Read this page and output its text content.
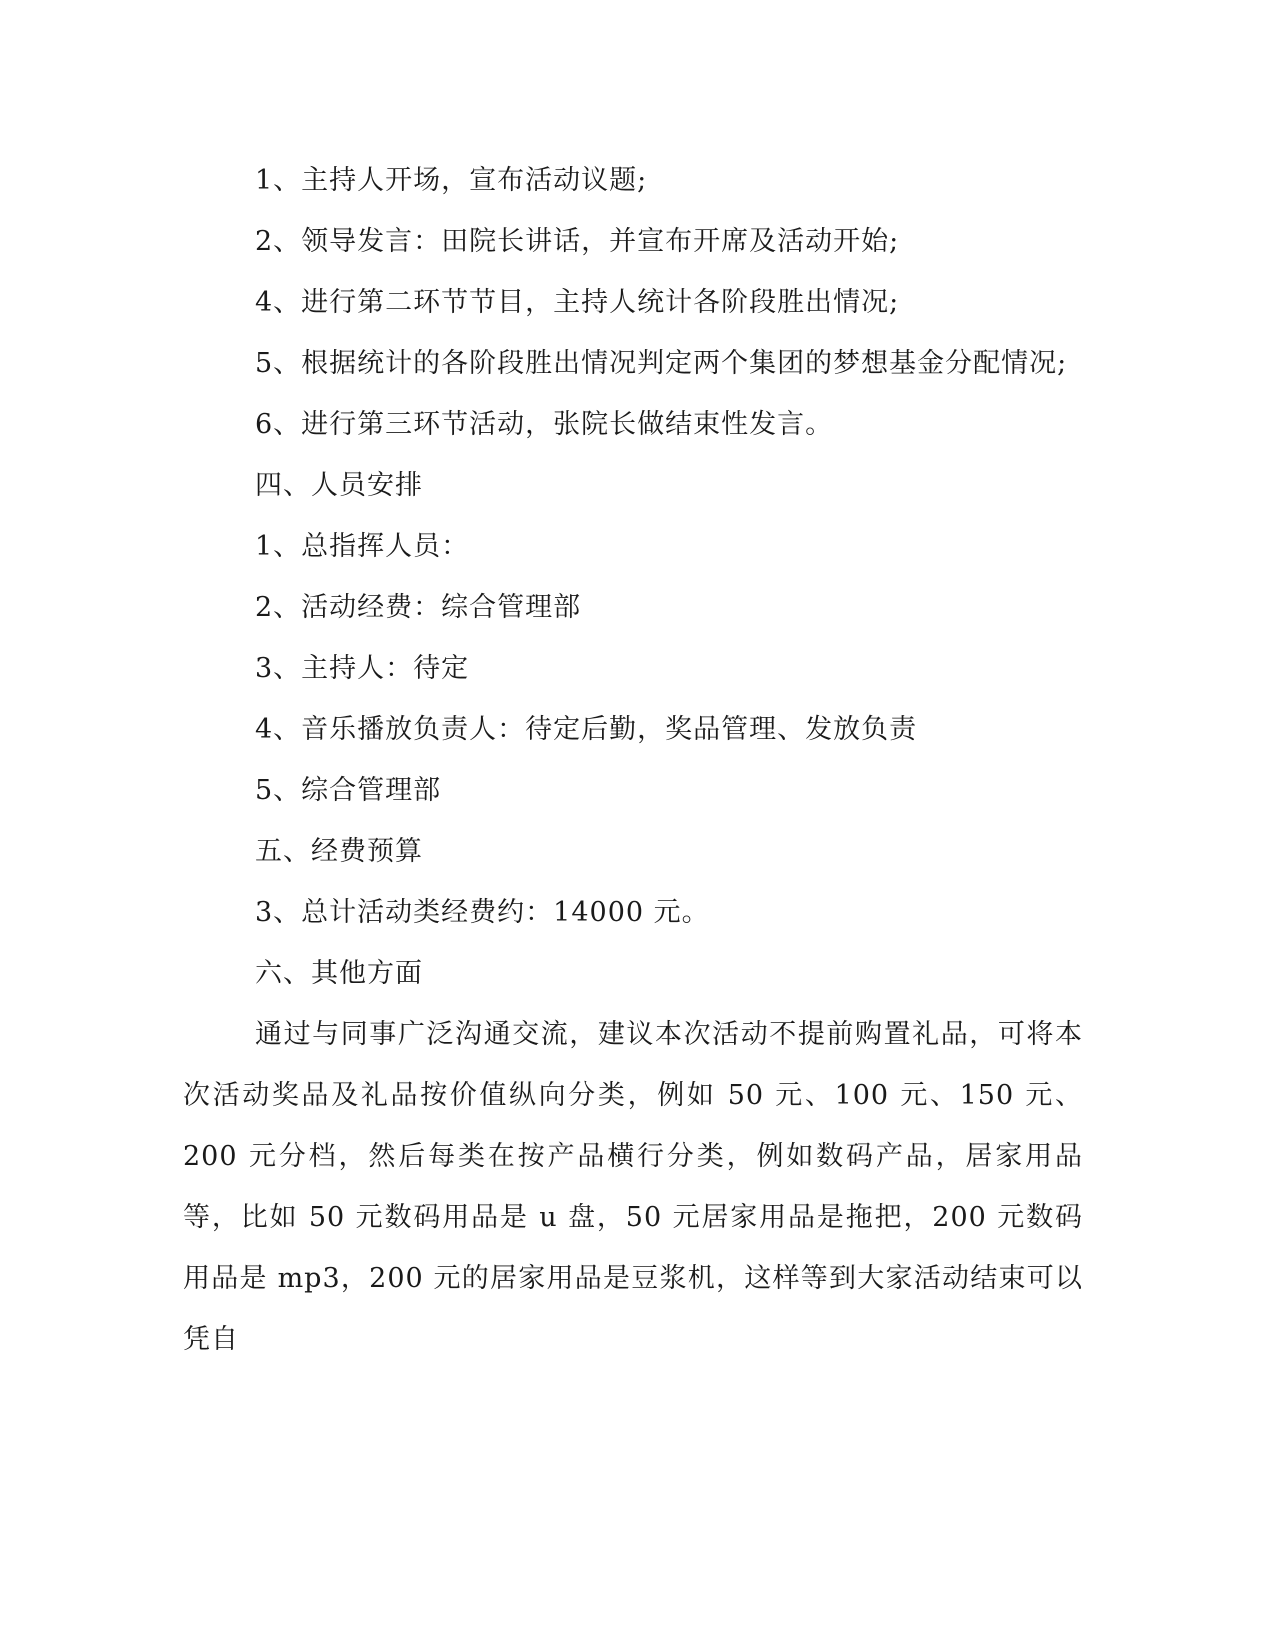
1、主持人开场，宣布活动议题;

2、领导发言：田院长讲话，并宣布开席及活动开始;

4、进行第二环节节目，主持人统计各阶段胜出情况;

5、根据统计的各阶段胜出情况判定两个集团的梦想基金分配情况;

6、进行第三环节活动，张院长做结束性发言。

四、人员安排

1、总指挥人员：

2、活动经费：综合管理部

3、主持人：待定

4、音乐播放负责人：待定后勤，奖品管理、发放负责

5、综合管理部

五、经费预算

3、总计活动类经费约：14000 元。

六、其他方面

通过与同事广泛沟通交流，建议本次活动不提前购置礼品，可将本次活动奖品及礼品按价值纵向分类，例如 50 元、100 元、150 元、200 元分档，然后每类在按产品横行分类，例如数码产品，居家用品等，比如 50 元数码用品是 u 盘，50 元居家用品是拖把，200 元数码用品是 mp3，200 元的居家用品是豆浆机，这样等到大家活动结束可以凭自
